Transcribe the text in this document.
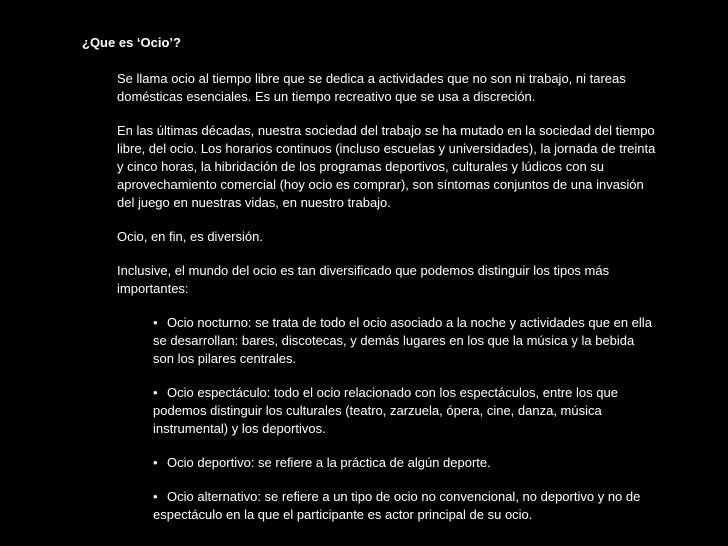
¿Que es ‘Ocio’?

Se llama ocio al tiempo libre que se dedica a actividades que no son ni trabajo, ni tareas domésticas esenciales. Es un tiempo recreativo que se usa a discreción.

En las últimas décadas, nuestra sociedad del trabajo se ha mutado en la sociedad del tiempo libre, del ocio. Los horarios continuos (incluso escuelas y universidades), la jornada de treinta y cinco horas, la hibridación de los programas deportivos, culturales y lúdicos con su aprovechamiento comercial (hoy ocio es comprar), son síntomas conjuntos de una invasión del juego en nuestras vidas, en nuestro trabajo.

Ocio, en fin, es diversión.

Inclusive, el mundo del ocio es tan diversificado que podemos distinguir los tipos más importantes:

• Ocio nocturno: se trata de todo el ocio asociado a la noche y actividades que en ella se desarrollan: bares, discotecas, y demás lugares en los que la música y la bebida son los pilares centrales.

• Ocio espectáculo: todo el ocio relacionado con los espectáculos, entre los que podemos distinguir los culturales (teatro, zarzuela, ópera, cine, danza, música instrumental) y los deportivos.

• Ocio deportivo: se refiere a la práctica de algún deporte.

• Ocio alternativo: se refiere a un tipo de ocio no convencional, no deportivo y no de espectáculo en la que el participante es actor principal de su ocio.
